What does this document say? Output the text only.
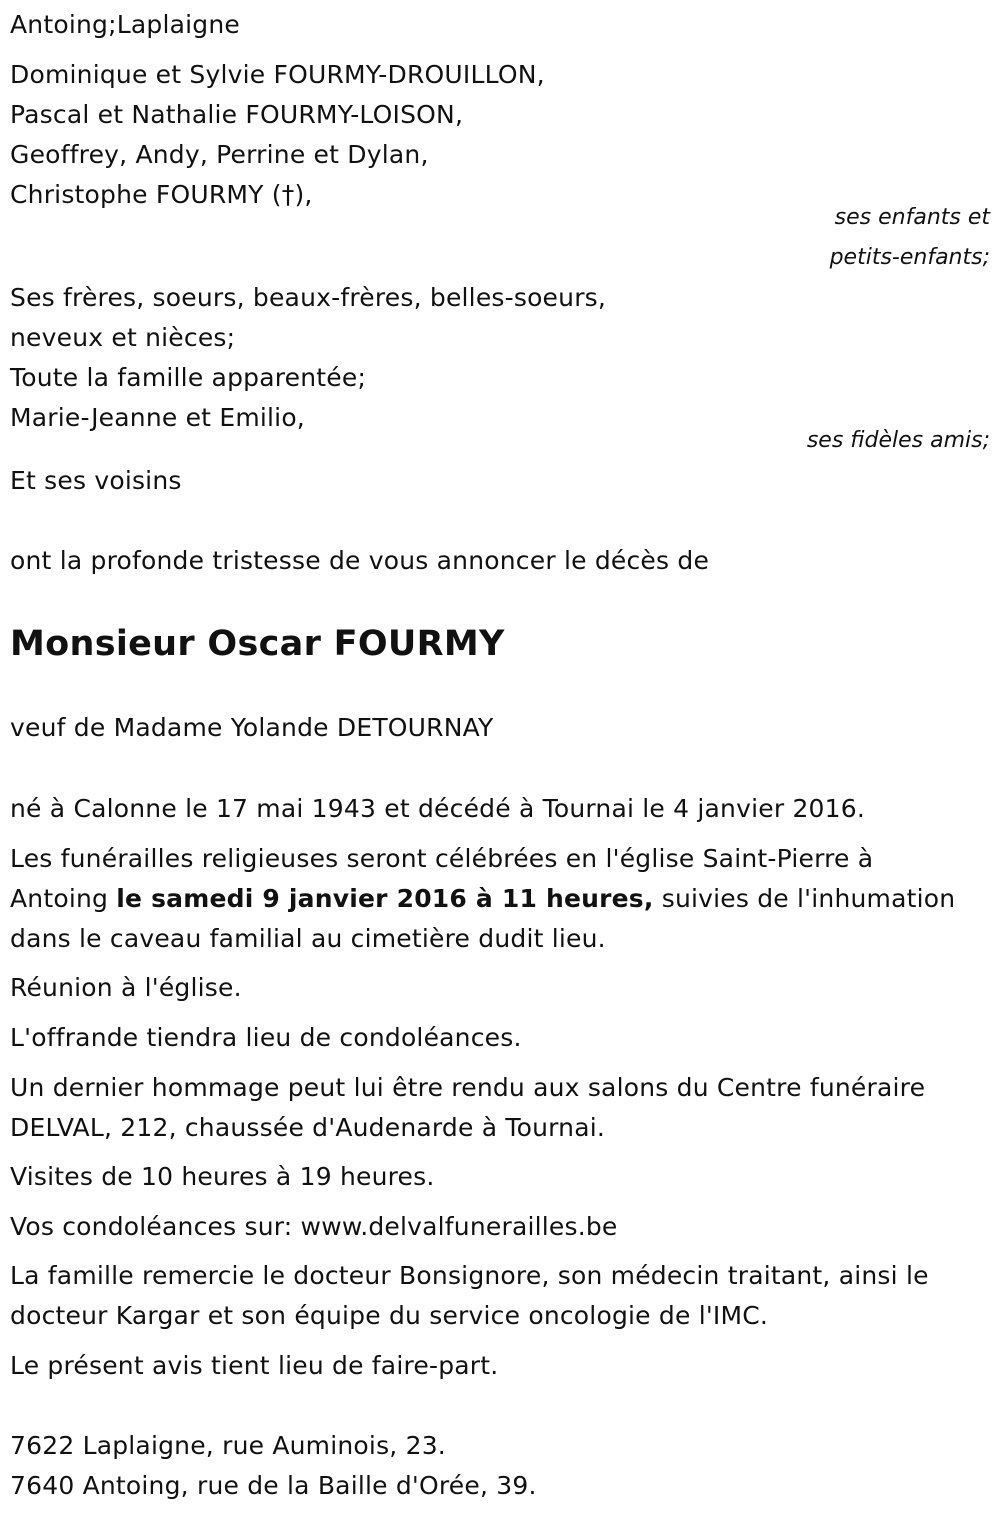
Antoing;Laplaigne
Dominique et Sylvie FOURMY-DROUILLON,
Pascal et Nathalie FOURMY-LOISON,
Geoffrey, Andy, Perrine et Dylan,
Christophe FOURMY (†),
ses enfants et
petits-enfants;
Ses frères, soeurs, beaux-frères, belles-soeurs,
neveux et nièces;
Toute la famille apparentée;
Marie-Jeanne et Emilio,
ses fidèles amis;
Et ses voisins
ont la profonde tristesse de vous annoncer le décès de
Monsieur Oscar FOURMY
veuf de Madame Yolande DETOURNAY
né à Calonne le 17 mai 1943 et décédé à Tournai le 4 janvier 2016.
Les funérailles religieuses seront célébrées en l'église Saint-Pierre à
Antoing le samedi 9 janvier 2016 à 11 heures, suivies de l'inhumation
dans le caveau familial au cimetière dudit lieu.
Réunion à l'église.
L'offrande tiendra lieu de condoléances.
Un dernier hommage peut lui être rendu aux salons du Centre funéraire
DELVAL, 212, chaussée d'Audenarde à Tournai.
Visites de 10 heures à 19 heures.
Vos condoléances sur: www.delvalfunerailles.be
La famille remercie le docteur Bonsignore, son médecin traitant, ainsi le
docteur Kargar et son équipe du service oncologie de l'IMC.
Le présent avis tient lieu de faire-part.
7622 Laplaigne, rue Auminois, 23.
7640 Antoing, rue de la Baille d'Orée, 39.
